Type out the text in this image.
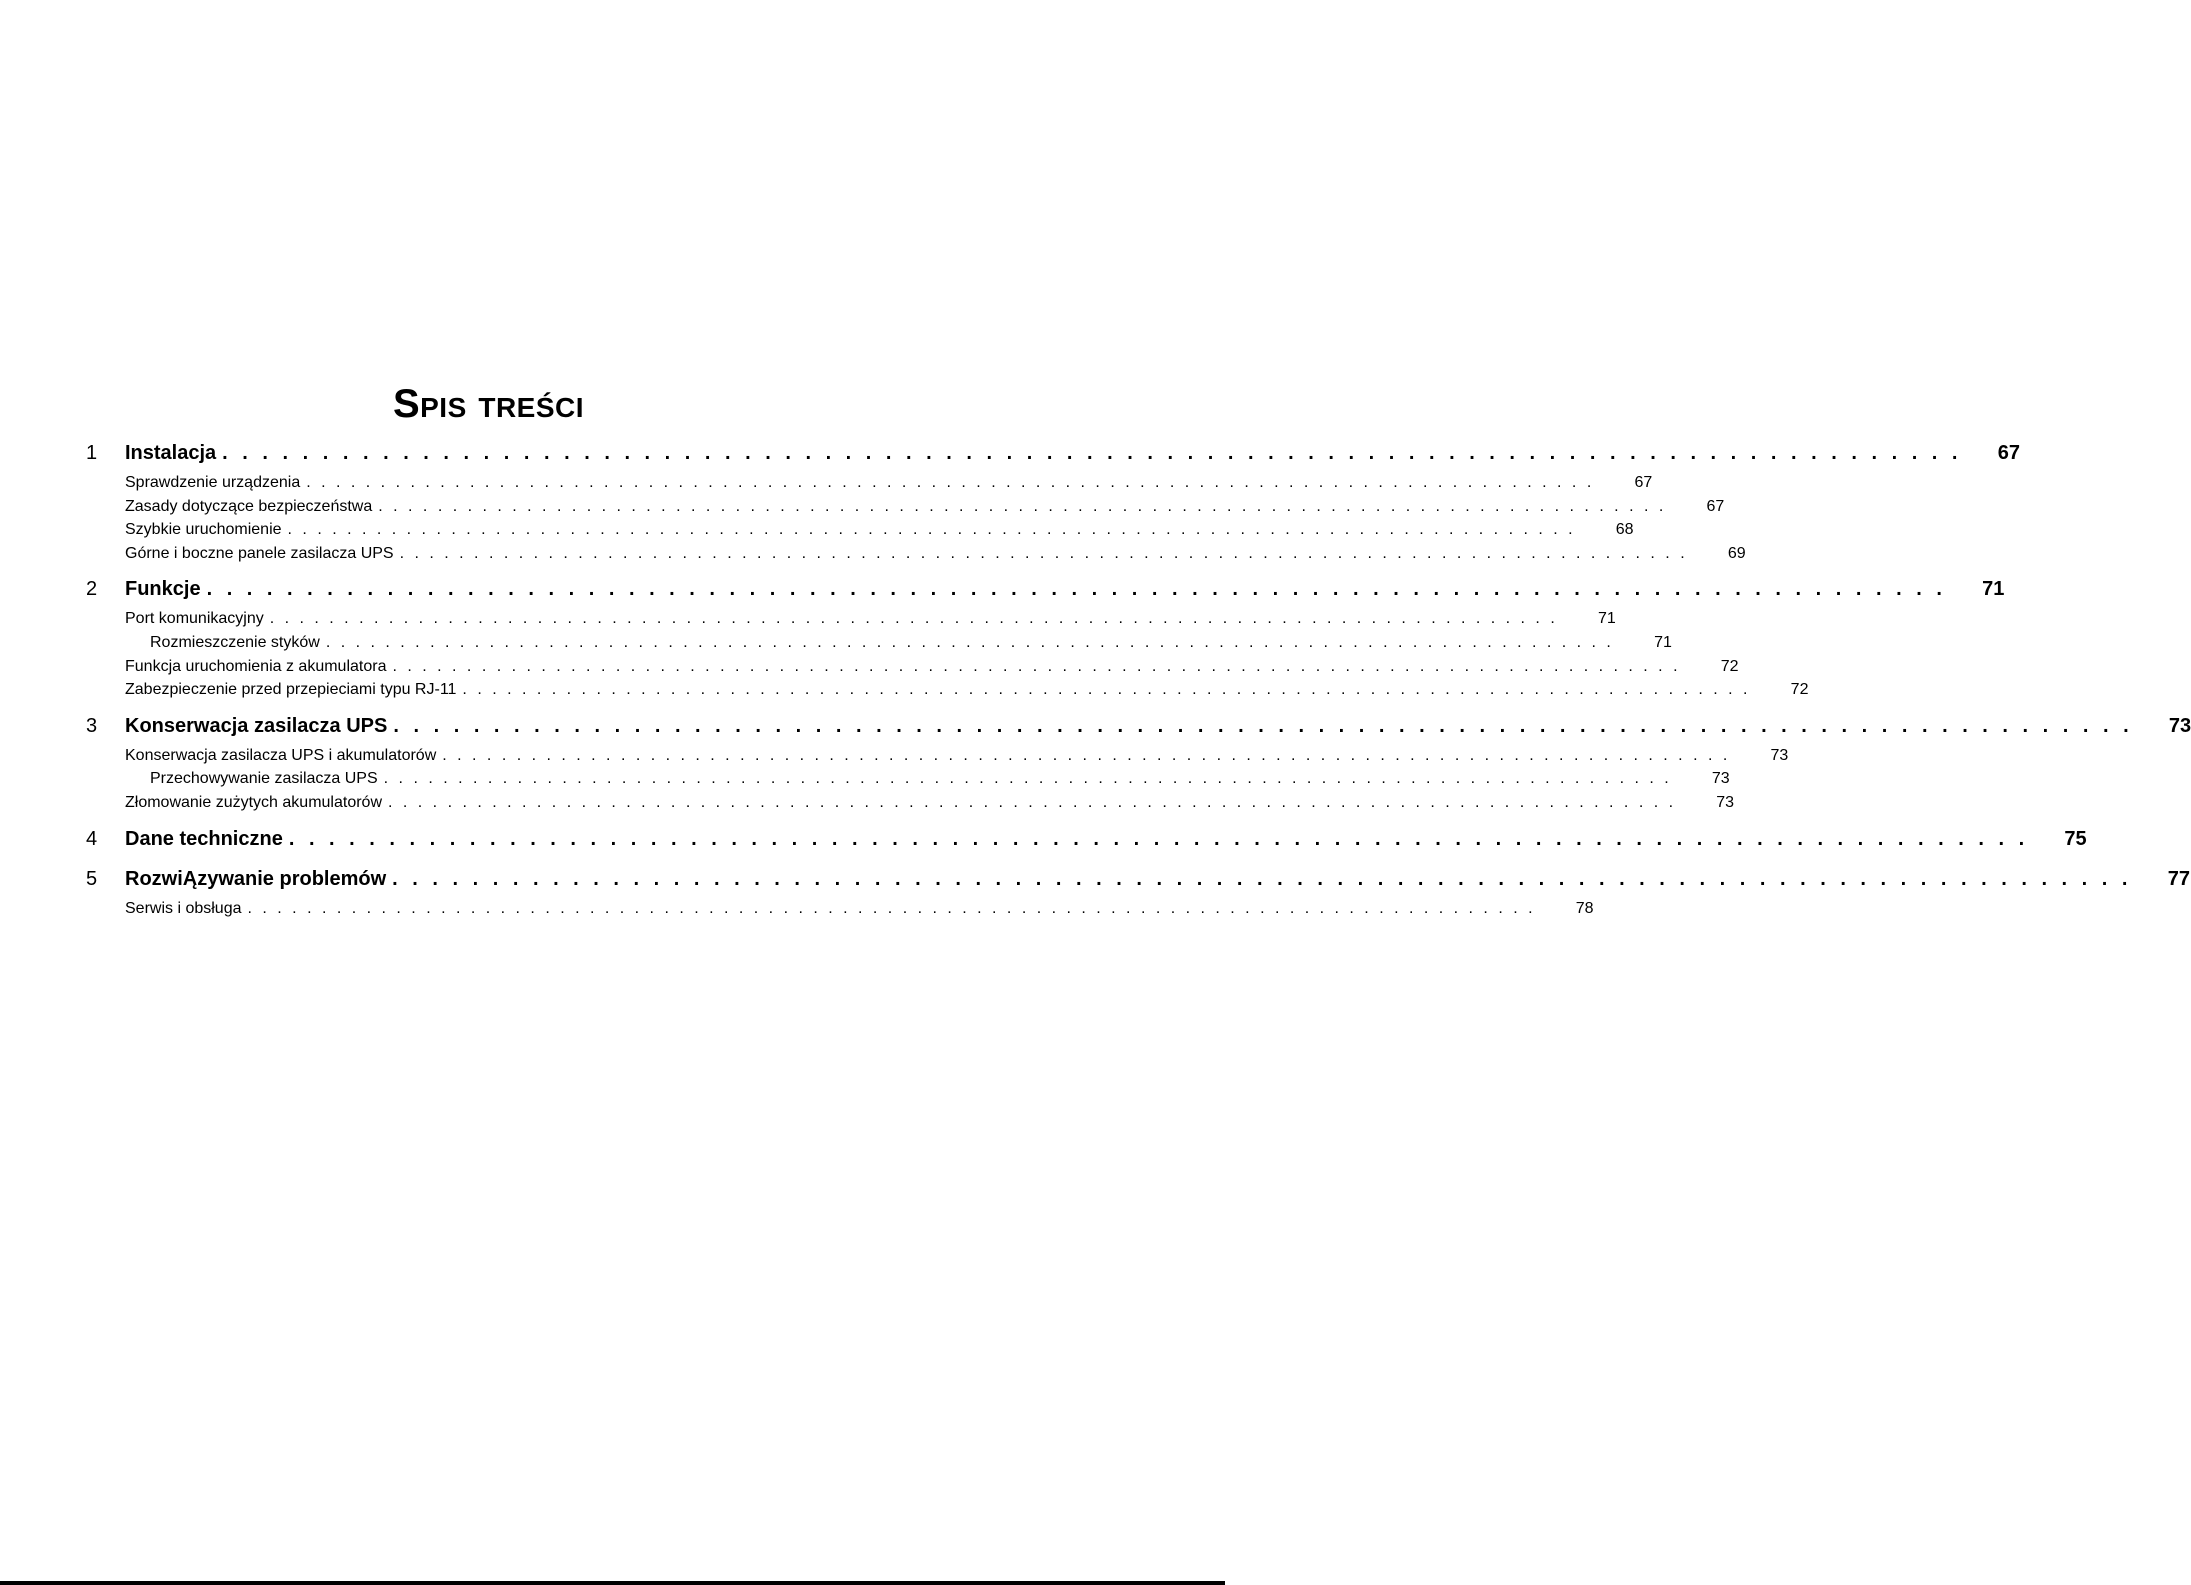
Spis treści
1	Instalacja . . . . . . . . . . . . . . . . . . . . . . . . . . . . . . . . . . . . . . . . . . . . . . . . . . . . . . . . . . . . . . . . . . . . . . . . . . . . . . . . . . . . . . .	67
Sprawdzenie urządzenia . . . . . . . . . . . . . . . . . . . . . . . . . . . . . . . . . . . . . . . . . . . . . . . . . . . . . . . . . . . . . . . . . . . . . . . . . . . . . . . . . . . . . . .	67
Zasady dotyczące bezpieczeństwa . . . . . . . . . . . . . . . . . . . . . . . . . . . . . . . . . . . . . . . . . . . . . . . . . . . . . . . . . . . . . . . . . . . . . . . . . . . . . . . . . . . . . . .	67
Szybkie uruchomienie . . . . . . . . . . . . . . . . . . . . . . . . . . . . . . . . . . . . . . . . . . . . . . . . . . . . . . . . . . . . . . . . . . . . . . . . . . . . . . . . . . . . . . .	68
Górne i boczne panele zasilacza UPS . . . . . . . . . . . . . . . . . . . . . . . . . . . . . . . . . . . . . . . . . . . . . . . . . . . . . . . . . . . . . . . . . . . . . . . . . . . . . . . . . . . . . . .	69
2	Funkcje . . . . . . . . . . . . . . . . . . . . . . . . . . . . . . . . . . . . . . . . . . . . . . . . . . . . . . . . . . . . . . . . . . . . . . . . . . . . . . . . . . . . . . .	71
Port komunikacyjny . . . . . . . . . . . . . . . . . . . . . . . . . . . . . . . . . . . . . . . . . . . . . . . . . . . . . . . . . . . . . . . . . . . . . . . . . . . . . . . . . . . . . . .	71
Rozmieszczenie styków . . . . . . . . . . . . . . . . . . . . . . . . . . . . . . . . . . . . . . . . . . . . . . . . . . . . . . . . . . . . . . . . . . . . . . . . . . . . . . . . . . . . . . .	71
Funkcja uruchomienia z akumulatora . . . . . . . . . . . . . . . . . . . . . . . . . . . . . . . . . . . . . . . . . . . . . . . . . . . . . . . . . . . . . . . . . . . . . . . . . . . . . . . . . . . . . . .	72
Zabezpieczenie przed przepieciami typu RJ-11 . . . . . . . . . . . . . . . . . . . . . . . . . . . . . . . . . . . . . . . . . . . . . . . . . . . . . . . . . . . . . . . . . . . . . . . . . . . . . . . . . . . . . . .	72
3	Konserwacja zasilacza UPS . . . . . . . . . . . . . . . . . . . . . . . . . . . . . . . . . . . . . . . . . . . . . . . . . . . . . . . . . . . . . . . . . . . . . . . . . . . . . . . . . . . . . . .	73
Konserwacja zasilacza UPS i akumulatorów . . . . . . . . . . . . . . . . . . . . . . . . . . . . . . . . . . . . . . . . . . . . . . . . . . . . . . . . . . . . . . . . . . . . . . . . . . . . . . . . . . . . . . .	73
Przechowywanie zasilacza UPS . . . . . . . . . . . . . . . . . . . . . . . . . . . . . . . . . . . . . . . . . . . . . . . . . . . . . . . . . . . . . . . . . . . . . . . . . . . . . . . . . . . . . . .	73
Złomowanie zużytych akumulatorów . . . . . . . . . . . . . . . . . . . . . . . . . . . . . . . . . . . . . . . . . . . . . . . . . . . . . . . . . . . . . . . . . . . . . . . . . . . . . . . . . . . . . . .	73
4	Dane techniczne . . . . . . . . . . . . . . . . . . . . . . . . . . . . . . . . . . . . . . . . . . . . . . . . . . . . . . . . . . . . . . . . . . . . . . . . . . . . . . . . . . . . . . .	75
5	RozwiĄzywanie problemów . . . . . . . . . . . . . . . . . . . . . . . . . . . . . . . . . . . . . . . . . . . . . . . . . . . . . . . . . . . . . . . . . . . . . . . . . . . . . . . . . . . . . . .	77
Serwis i obsługa . . . . . . . . . . . . . . . . . . . . . . . . . . . . . . . . . . . . . . . . . . . . . . . . . . . . . . . . . . . . . . . . . . . . . . . . . . . . . . . . . . . . . . .	78
